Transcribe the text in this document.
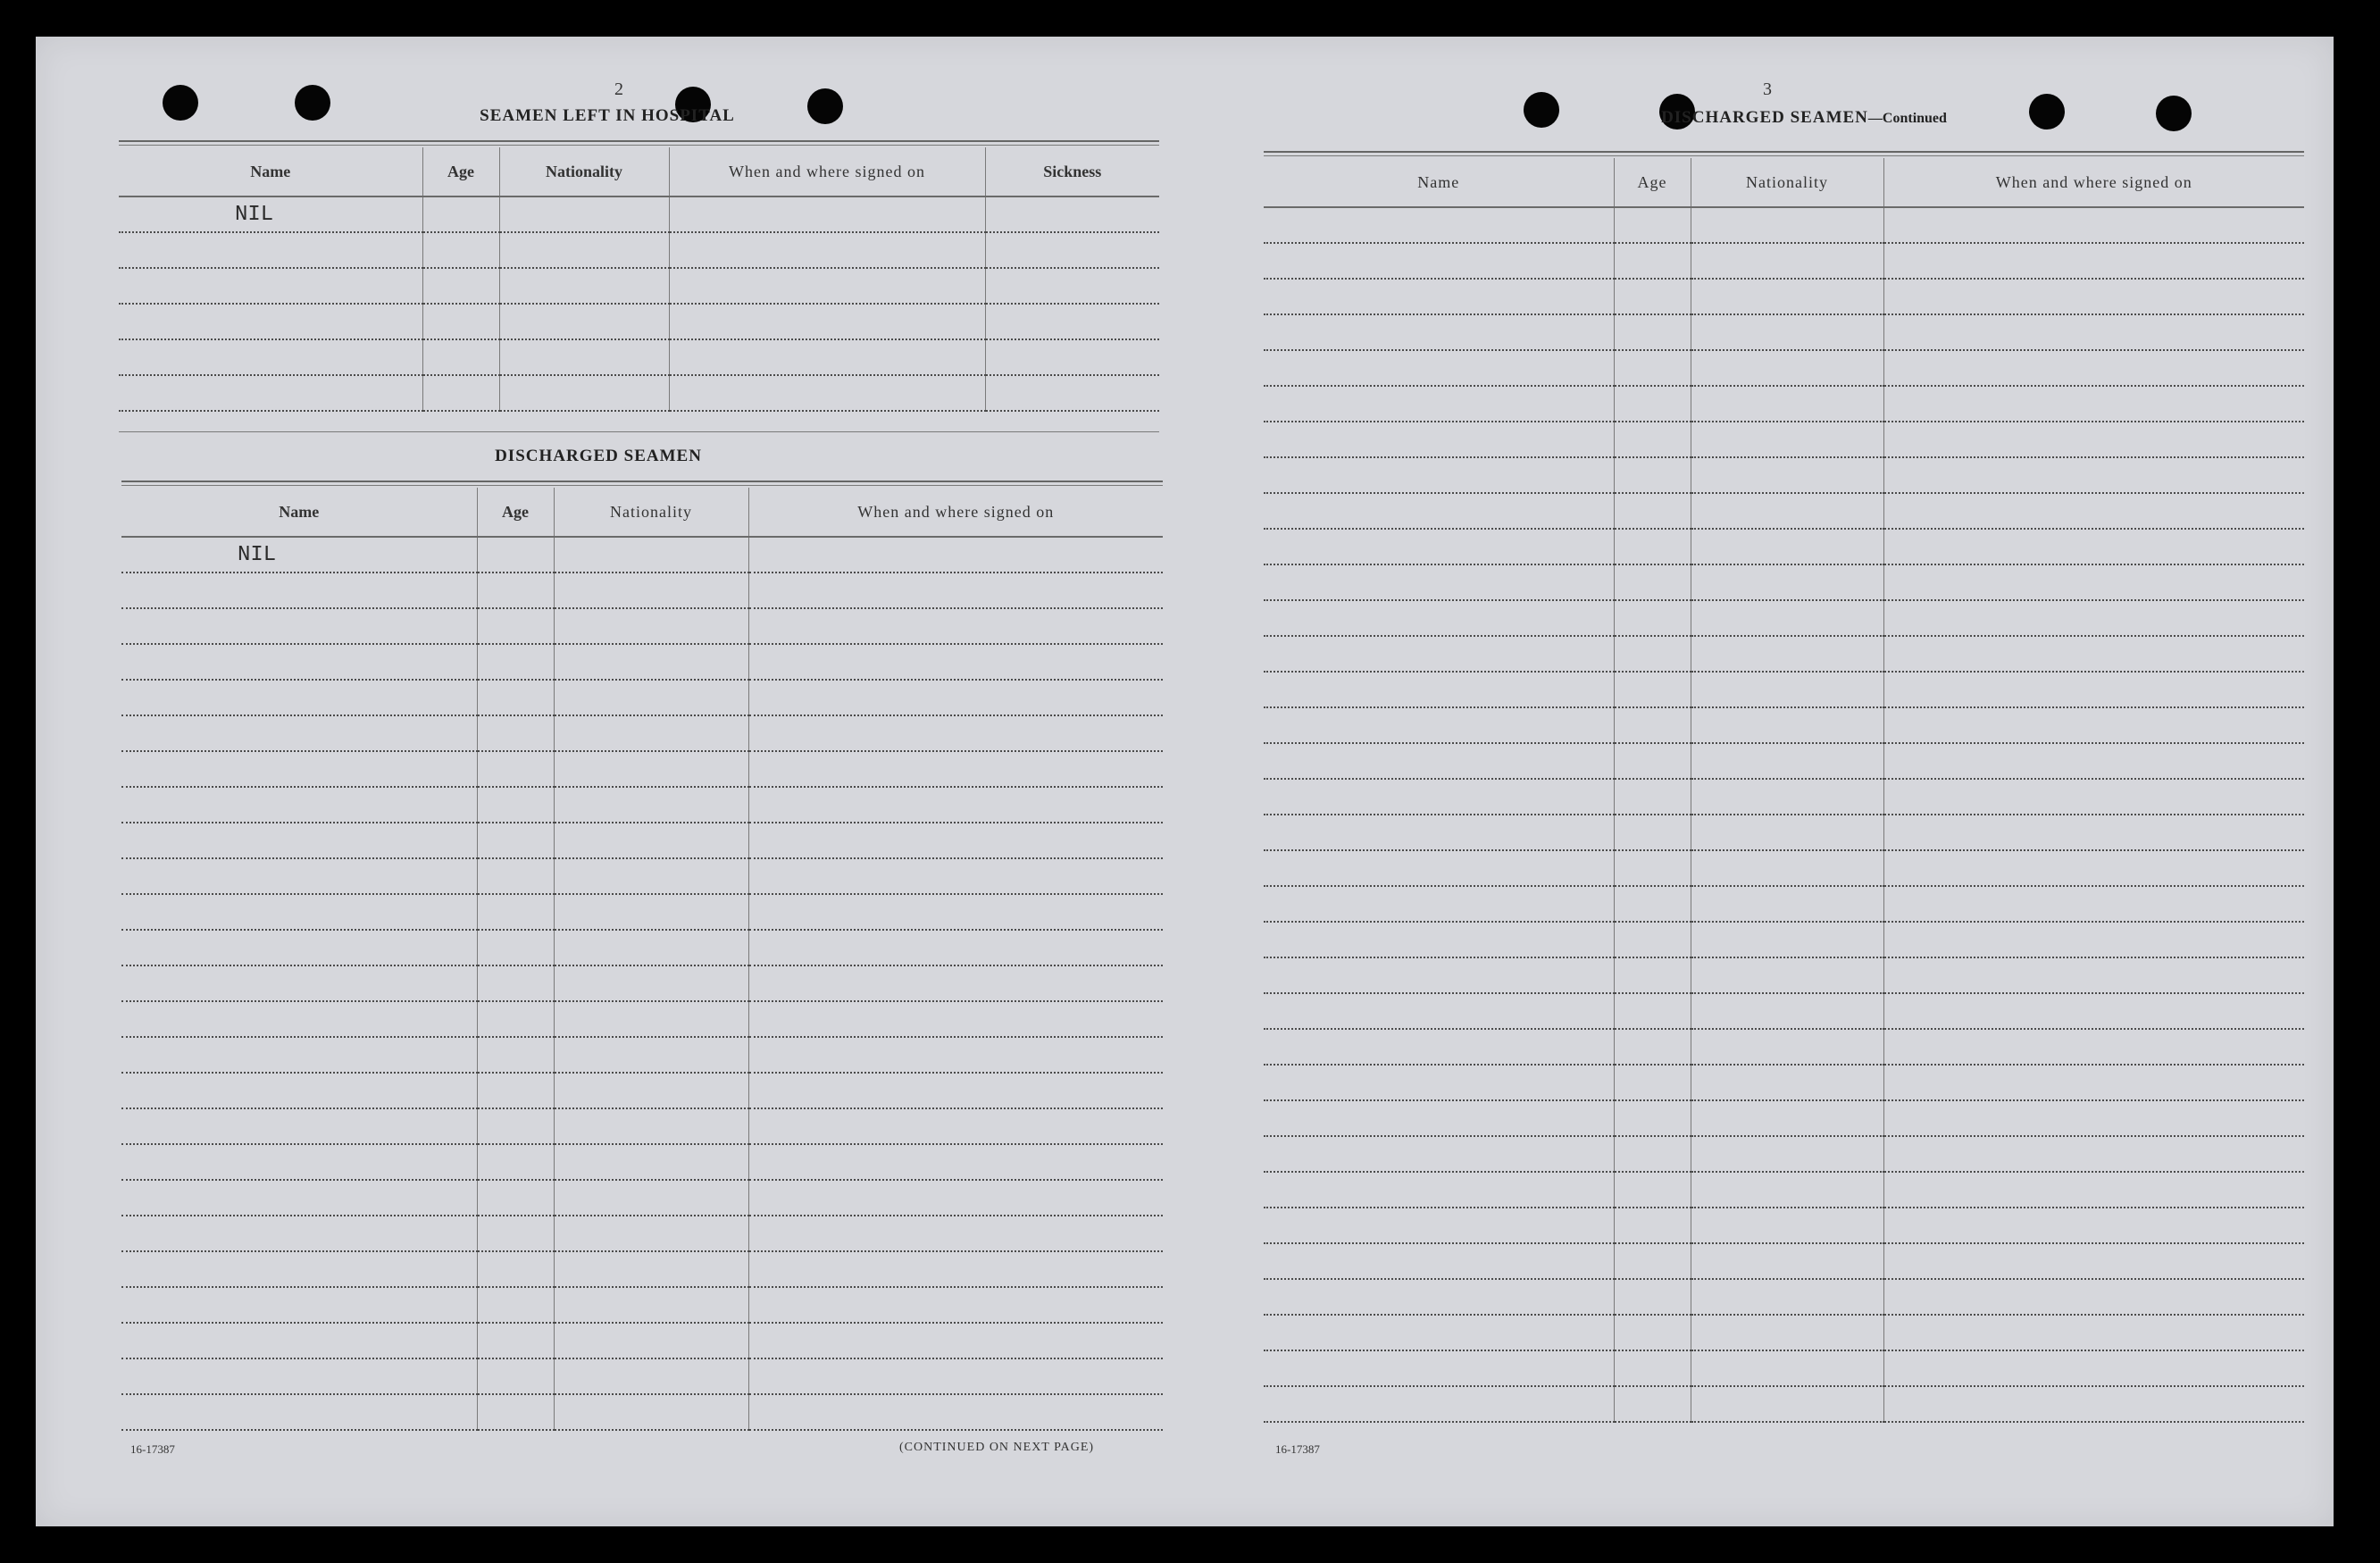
2
SEAMEN LEFT IN HOSPITAL
Name	Age	Nationality	When and where signed on	Sickness
NIL				

DISCHARGED SEAMEN
Name	Age	Nationality	When and where signed on
NIL			

16-17387	(CONTINUED ON NEXT PAGE)
3
DISCHARGED SEAMEN—Continued
Name	Age	Nationality	When and where signed on

16-17387
